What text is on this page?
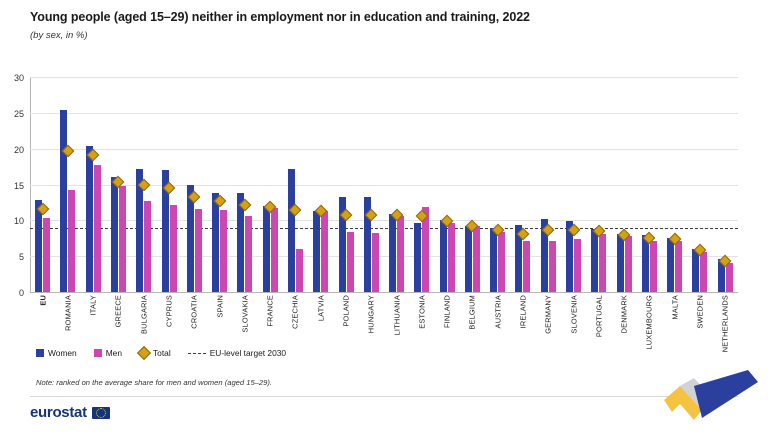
Young people (aged 15–29) neither in employment nor in education and training, 2022
(by sex, in %)
0
5
10
15
20
25
30
EU ROMANIA ITALY GREECE BULGARIA CYPRUS CROATIA SPAIN SLOVAKIA FRANCE CZECHIA LATVIA POLAND HUNGARY LITHUANIA ESTONIA FINLAND BELGIUM AUSTRIA IRELAND GERMANY SLOVENIA PORTUGAL DENMARK LUXEMBOURG MALTA SWEDEN NETHERLANDS
Women	Men	Total	EU-level target 2030
Note: ranked on the average share for men and women (aged 15–29).
eurostat
